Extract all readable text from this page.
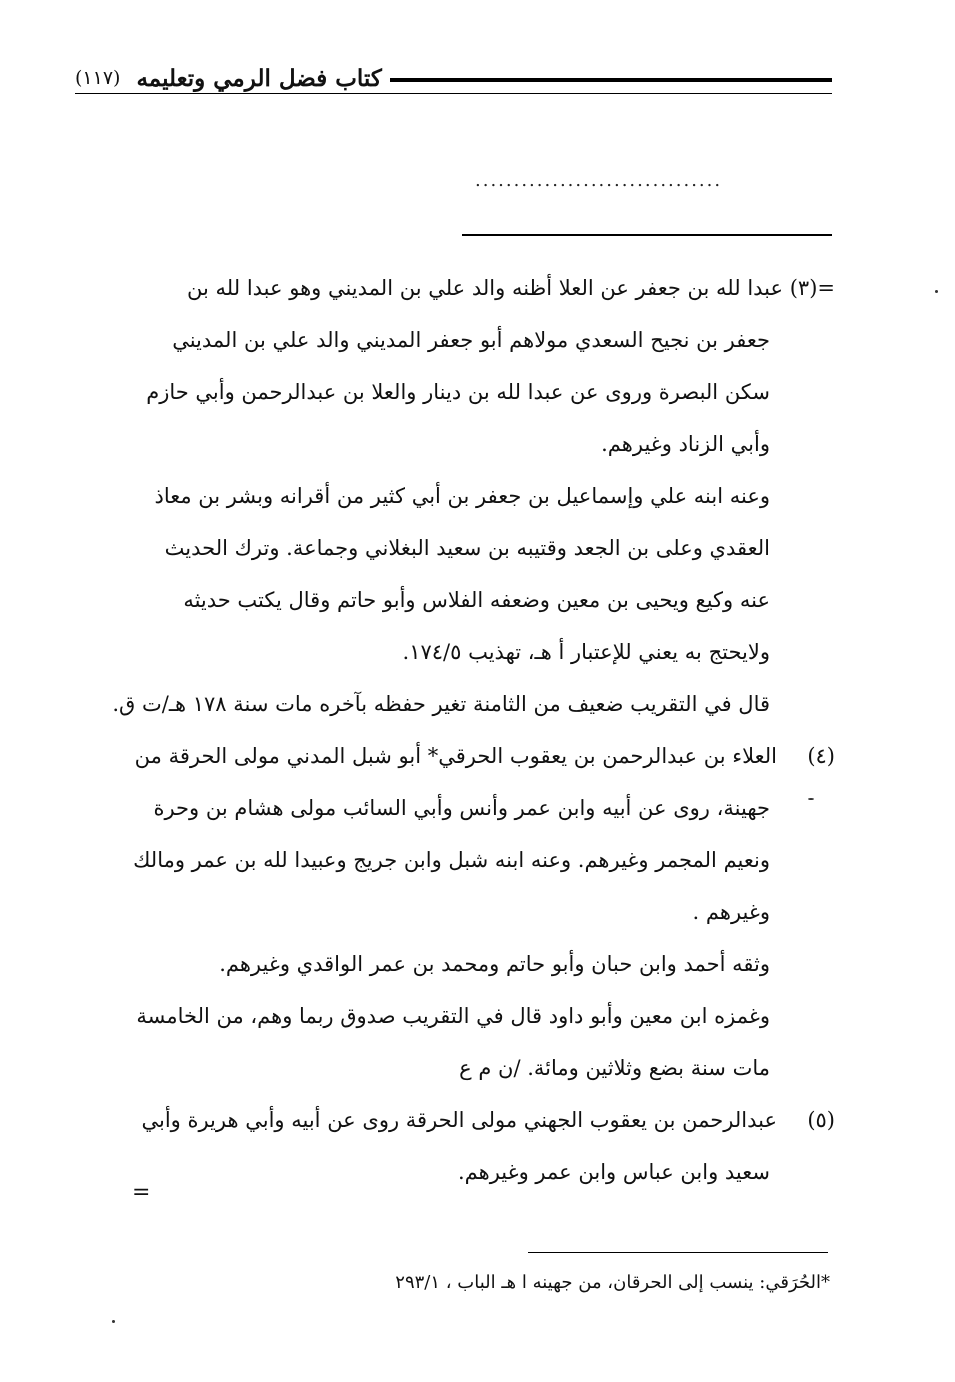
(١١٧) كتاب فضل الرمي وتعليمه
................................
=(٣) عبدا لله بن جعفر عن العلا أظنه والد علي بن المديني وهو عبدا لله بن
جعفر بن نجيح السعدي مولاهم أبو جعفر المديني والد علي بن المديني
سكن البصرة وروى عن عبدا لله بن دينار والعلا بن عبدالرحمن وأبي حازم
وأبي الزناد وغيرهم.
وعنه ابنه علي وإسماعيل بن جعفر بن أبي كثير من أقرانه وبشر بن معاذ
العقدي وعلى بن الجعد وقتيبه بن سعيد البغلاني وجماعة. وترك الحديث
عنه وكيع ويحيى بن معين وضعفه الفلاس وأبو حاتم وقال يكتب حديثه
ولايحتج به يعني للإعتبار أ هـ، تهذيب ١٧٤/٥.
قال في التقريب ضعيف من الثامنة تغير حفظه بآخره مات سنة ١٧٨ هـ/ت ق.
(٤)العلاء بن عبدالرحمن بن يعقوب الحرقي* أبو شبل المدني مولى الحرقة من
جهينة، روى عن أبيه وابن عمر وأنس وأبي السائب مولى هشام بن وحرة
ونعيم المجمر وغيرهم. وعنه ابنه شبل وابن جريج وعبيدا لله بن عمر ومالك
وغيرهم .
وثقه أحمد وابن حبان وأبو حاتم ومحمد بن عمر الواقدي وغيرهم.
وغمزه ابن معين وأبو داود قال في التقريب صدوق ربما وهم، من الخامسة
مات سنة بضع وثلاثين ومائة. /ن م ع
(٥)عبدالرحمن بن يعقوب الجهني مولى الحرقة روى عن أبيه وأبي هريرة وأبي
سعيد وابن عباس وابن عمر وغيرهم.
=
*الحُرَقي: ينسب إلى الحرقان، من جهينه ا هـ الباب ، ٢٩٣/١
